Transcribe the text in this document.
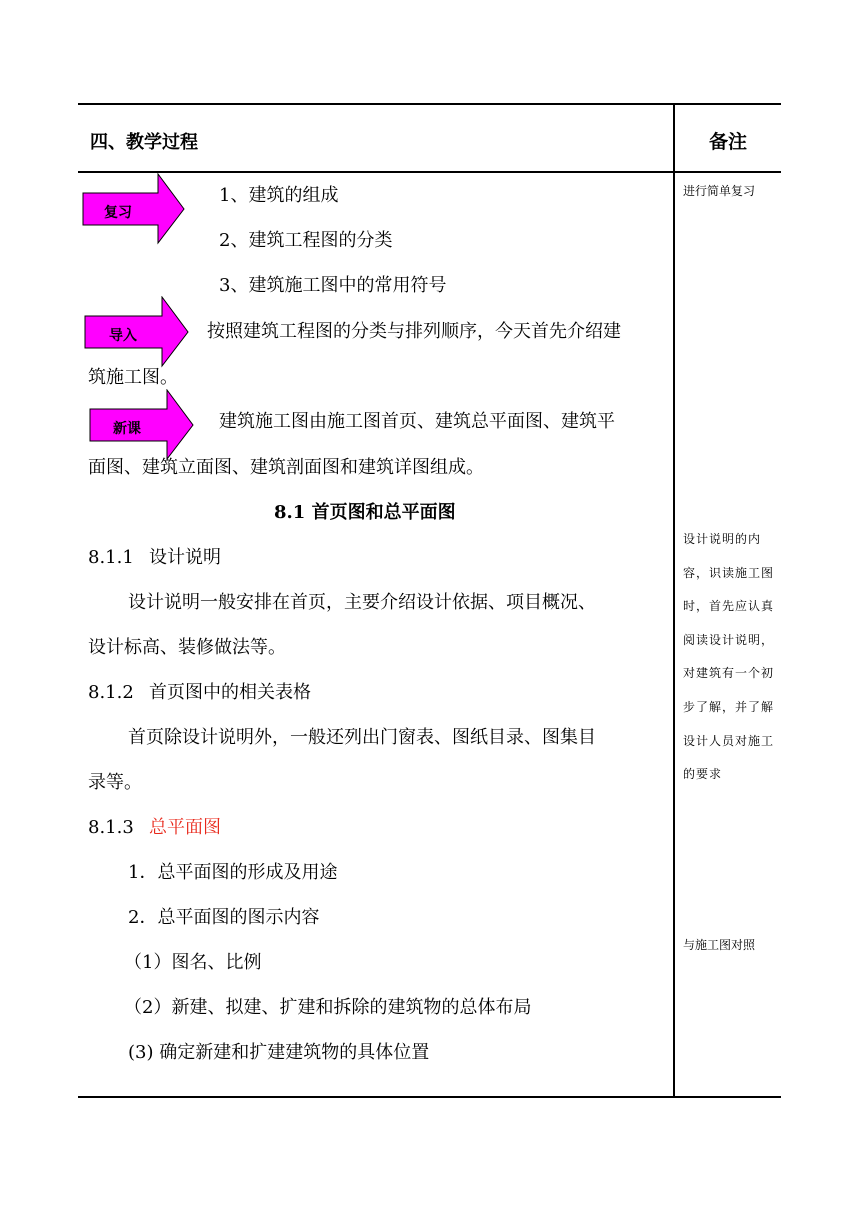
四、教学过程	备注
复习
导入
新课
1、建筑的组成
2、建筑工程图的分类
3、建筑施工图中的常用符号
按照建筑工程图的分类与排列顺序，今天首先介绍建
筑施工图。
建筑施工图由施工图首页、建筑总平面图、建筑平
面图、建筑立面图、建筑剖面图和建筑详图组成。
8.1 首页图和总平面图
8.1.1 设计说明
设计说明一般安排在首页，主要介绍设计依据、项目概况、
设计标高、装修做法等。
8.1.2 首页图中的相关表格
首页除设计说明外，一般还列出门窗表、图纸目录、图集目
录等。
8.1.3 总平面图
1．总平面图的形成及用途
2．总平面图的图示内容
（1）图名、比例
（2）新建、拟建、扩建和拆除的建筑物的总体布局
(3) 确定新建和扩建建筑物的具体位置
进行简单复习
设计说明的内容，识读施工图时，首先应认真阅读设计说明，对建筑有一个初步了解，并了解设计人员对施工的要求
与施工图对照
